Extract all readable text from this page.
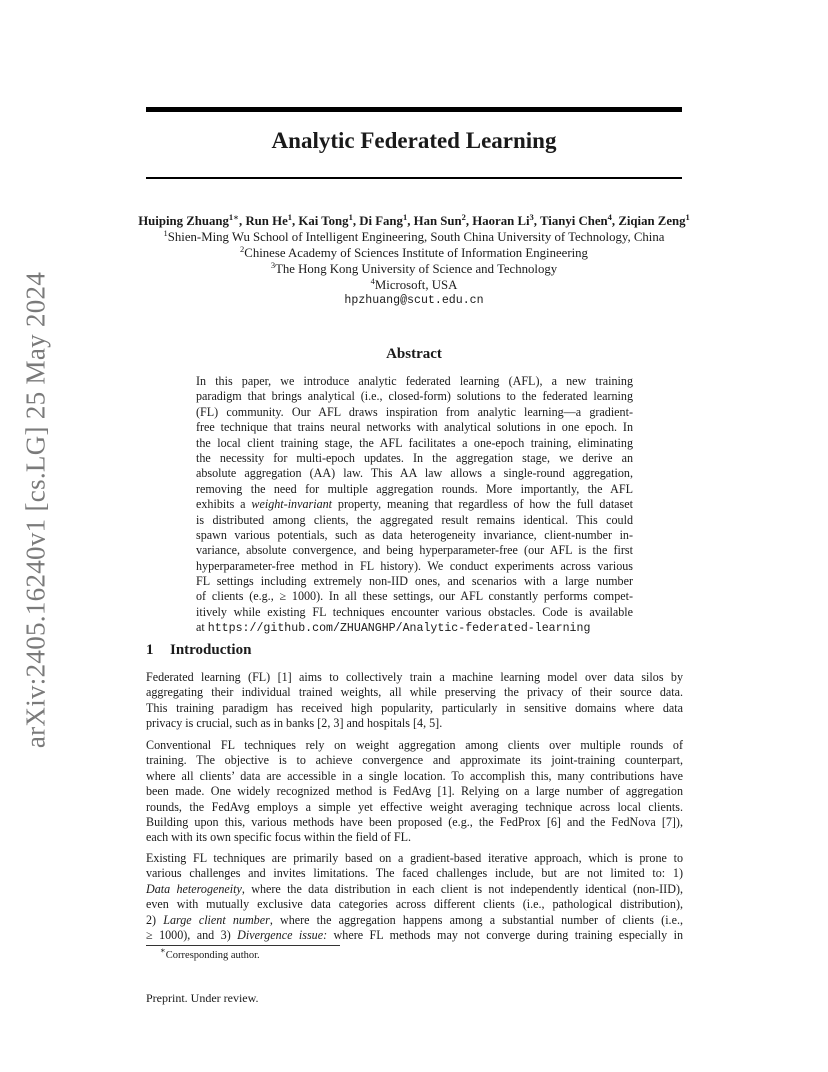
arXiv:2405.16240v1 [cs.LG] 25 May 2024
Analytic Federated Learning
Huiping Zhuang$^{1∗}$, Run He$^1$, Kai Tong$^1$, Di Fang$^1$, Han Sun$^2$, Haoran Li$^3$, Tianyi Chen$^4$, Ziqian Zeng$^1$
$^1$Shien-Ming Wu School of Intelligent Engineering, South China University of Technology, China
$^2$Chinese Academy of Sciences Institute of Information Engineering
$^3$The Hong Kong University of Science and Technology
$^4$Microsoft, USA
hpzhuang@scut.edu.cn
Abstract
In this paper, we introduce analytic federated learning (AFL), a new training
paradigm that brings analytical (i.e., closed-form) solutions to the federated learning
(FL) community. Our AFL draws inspiration from analytic learning—a gradient-
free technique that trains neural networks with analytical solutions in one epoch. In
the local client training stage, the AFL facilitates a one-epoch training, eliminating
the necessity for multi-epoch updates. In the aggregation stage, we derive an
absolute aggregation (AA) law. This AA law allows a single-round aggregation,
removing the need for multiple aggregation rounds. More importantly, the AFL
exhibits a weight-invariant property, meaning that regardless of how the full dataset
is distributed among clients, the aggregated result remains identical. This could
spawn various potentials, such as data heterogeneity invariance, client-number in-
variance, absolute convergence, and being hyperparameter-free (our AFL is the first
hyperparameter-free method in FL history). We conduct experiments across various
FL settings including extremely non-IID ones, and scenarios with a large number
of clients (e.g., ≥ 1000). In all these settings, our AFL constantly performs compet-
itively while existing FL techniques encounter various obstacles. Code is available
at https://github.com/ZHUANGHP/Analytic-federated-learning
1 Introduction
Federated learning (FL) [1] aims to collectively train a machine learning model over data silos by
aggregating their individual trained weights, all while preserving the privacy of their source data.
This training paradigm has received high popularity, particularly in sensitive domains where data
privacy is crucial, such as in banks [2, 3] and hospitals [4, 5].
Conventional FL techniques rely on weight aggregation among clients over multiple rounds of
training. The objective is to achieve convergence and approximate its joint-training counterpart,
where all clients’ data are accessible in a single location. To accomplish this, many contributions have
been made. One widely recognized method is FedAvg [1]. Relying on a large number of aggregation
rounds, the FedAvg employs a simple yet effective weight averaging technique across local clients.
Building upon this, various methods have been proposed (e.g., the FedProx [6] and the FedNova [7]),
each with its own specific focus within the field of FL.
Existing FL techniques are primarily based on a gradient-based iterative approach, which is prone to
various challenges and invites limitations. The faced challenges include, but are not limited to: 1)
Data heterogeneity, where the data distribution in each client is not independently identical (non-IID),
even with mutually exclusive data categories across different clients (i.e., pathological distribution),
2) Large client number, where the aggregation happens among a substantial number of clients (i.e.,
≥ 1000), and 3) Divergence issue: where FL methods may not converge during training especially in
∗Corresponding author.
Preprint. Under review.
